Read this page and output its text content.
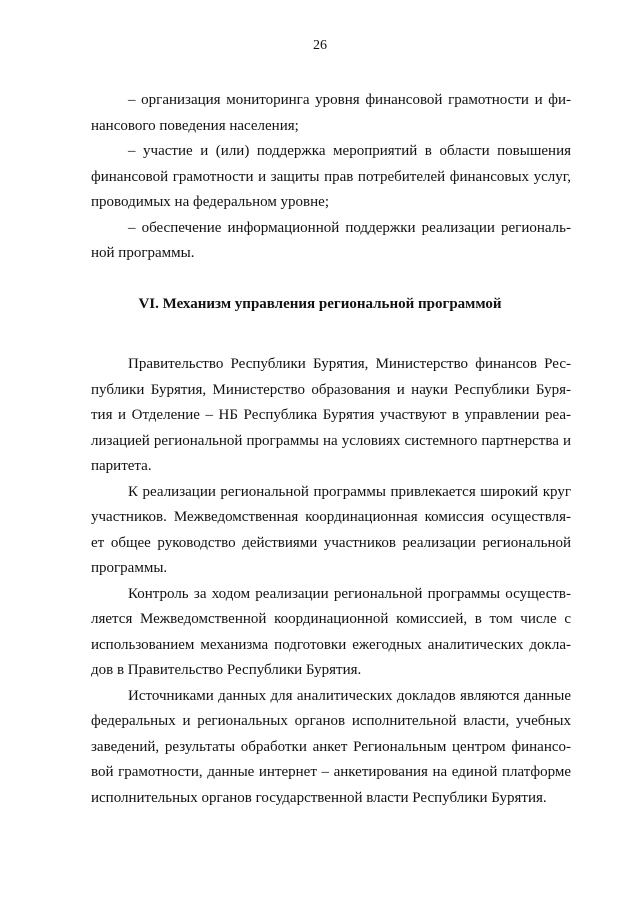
26
– организация мониторинга уровня финансовой грамотности и фи-
нансового поведения населения;
– участие и (или) поддержка мероприятий в области повышения
финансовой грамотности и защиты прав потребителей финансовых услуг,
проводимых на федеральном уровне;
– обеспечение информационной поддержки реализации региональ-
ной программы.
VI. Механизм управления региональной программой
Правительство Республики Бурятия, Министерство финансов Рес-
публики Бурятия, Министерство образования и науки Республики Буря-
тия и Отделение – НБ Республика Бурятия участвуют в управлении реа-
лизацией региональной программы на условиях системного партнерства и
паритета.
К реализации региональной программы привлекается широкий круг
участников. Межведомственная координационная комиссия осуществля-
ет общее руководство действиями участников реализации региональной
программы.
Контроль за ходом реализации региональной программы осуществ-
ляется Межведомственной координационной комиссией, в том числе с
использованием механизма подготовки ежегодных аналитических докла-
дов в Правительство Республики Бурятия.
Источниками данных для аналитических докладов являются данные
федеральных и региональных органов исполнительной власти, учебных
заведений, результаты обработки анкет Региональным центром финансо-
вой грамотности, данные интернет – анкетирования на единой платформе
исполнительных органов государственной власти Республики Бурятия.
